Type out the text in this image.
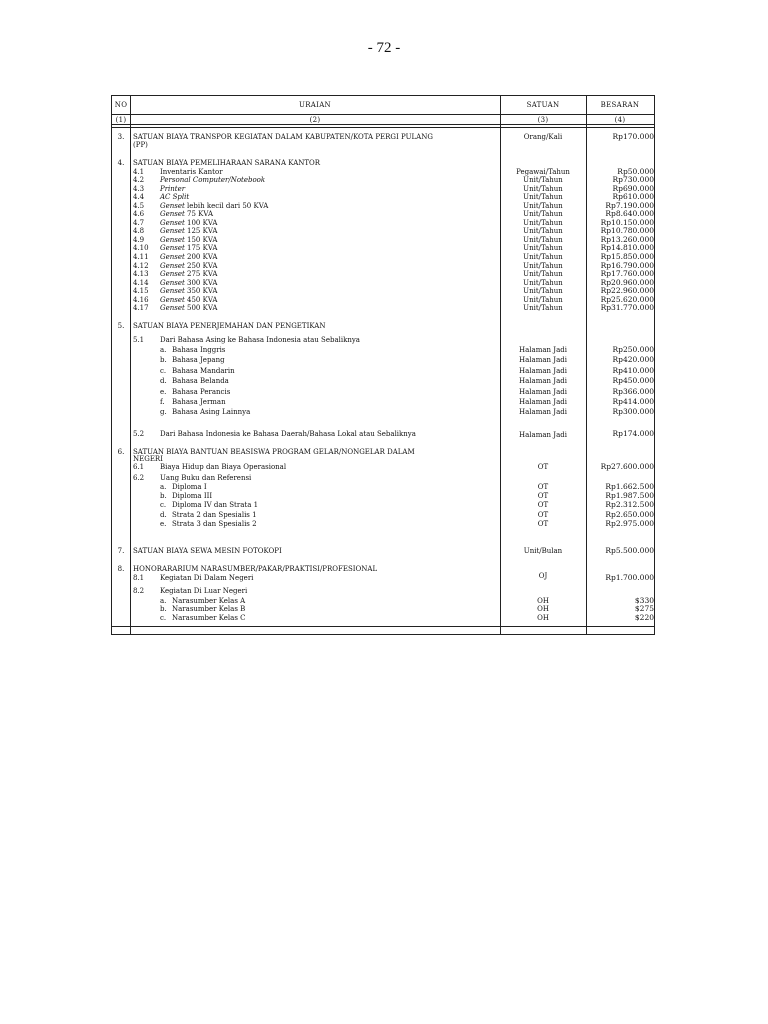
- 72 -
NO	URAIAN	SATUAN	BESARAN
(1)	(2)	(3)	(4)
3.	SATUAN BIAYA TRANSPOR KEGIATAN DALAM KABUPATEN/KOTA PERGI PULANG
(PP)
Orang/Kali	Rp170.000
4.	SATUAN BIAYA PEMELIHARAAN SARANA KANTOR
4.1 Inventaris Kantor	Pegawai/Tahun	Rp50.000
4.2 Personal Computer/Notebook	Unit/Tahun	Rp730.000
4.3 Printer	Unit/Tahun	Rp690.000
4.4 AC Split	Unit/Tahun	Rp610.000
4.5 Genset lebih kecil dari 50 KVA	Unit/Tahun	Rp7.190.000
4.6 Genset 75 KVA	Unit/Tahun	Rp8.640.000
4.7 Genset 100 KVA	Unit/Tahun	Rp10.150.000
4.8 Genset 125 KVA	Unit/Tahun	Rp10.780.000
4.9 Genset 150 KVA	Unit/Tahun	Rp13.260.000
4.10 Genset 175 KVA	Unit/Tahun	Rp14.810.000
4.11 Genset 200 KVA	Unit/Tahun	Rp15.850.000
4.12 Genset 250 KVA	Unit/Tahun	Rp16.790.000
4.13 Genset 275 KVA	Unit/Tahun	Rp17.760.000
4.14 Genset 300 KVA	Unit/Tahun	Rp20.960.000
4.15 Genset 350 KVA	Unit/Tahun	Rp22.960.000
4.16 Genset 450 KVA	Unit/Tahun	Rp25.620.000
4.17 Genset 500 KVA	Unit/Tahun	Rp31.770.000
5.	SATUAN BIAYA PENERJEMAHAN DAN PENGETIKAN
5.1 Dari Bahasa Asing ke Bahasa Indonesia atau Sebaliknya
a. Bahasa Inggris	Halaman Jadi	Rp250.000
b. Bahasa Jepang	Halaman Jadi	Rp420.000
c. Bahasa Mandarin	Halaman Jadi	Rp410.000
d. Bahasa Belanda	Halaman Jadi	Rp450.000
e. Bahasa Perancis	Halaman Jadi	Rp366.000
f. Bahasa Jerman	Halaman Jadi	Rp414.000
g. Bahasa Asing Lainnya	Halaman Jadi	Rp300.000
5.2 Dari Bahasa Indonesia ke Bahasa Daerah/Bahasa Lokal atau Sebaliknya	Halaman Jadi	Rp174.000
6.	SATUAN BIAYA BANTUAN BEASISWA PROGRAM GELAR/NONGELAR DALAM
NEGERI
6.1 Biaya Hidup dan Biaya Operasional	OT	Rp27.600.000
6.2 Uang Buku dan Referensi
a. Diploma I	OT	Rp1.662.500
b. Diploma III	OT	Rp1.987.500
c. Diploma IV dan Strata 1	OT	Rp2.312.500
d. Strata 2 dan Spesialis 1	OT	Rp2.650.000
e. Strata 3 dan Spesialis 2	OT	Rp2.975.000
7.	SATUAN BIAYA SEWA MESIN FOTOKOPI	Unit/Bulan	Rp5.500.000
8.	HONORARARIUM NARASUMBER/PAKAR/PRAKTISI/PROFESIONAL
8.1 Kegiatan Di Dalam Negeri	OJ	Rp1.700.000
8.2 Kegiatan Di Luar Negeri
a. Narasumber Kelas A	OH	$330
b. Narasumber Kelas B	OH	$275
c. Narasumber Kelas C	OH	$220
